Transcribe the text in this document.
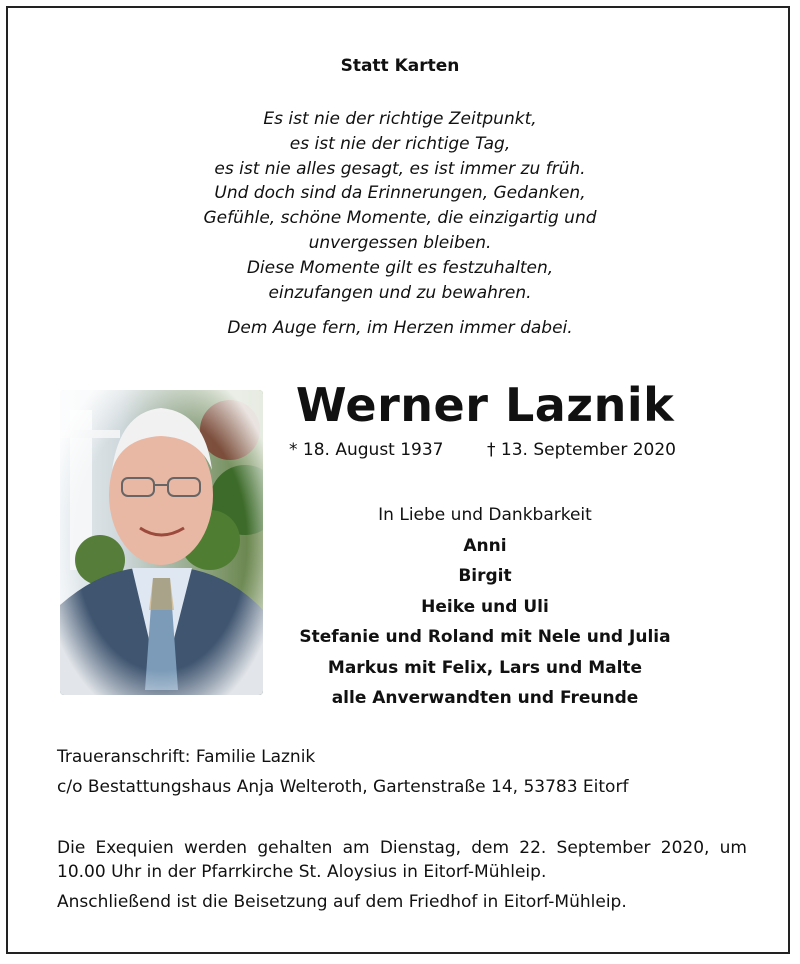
Statt Karten
Es ist nie der richtige Zeitpunkt,
es ist nie der richtige Tag,
es ist nie alles gesagt, es ist immer zu früh.
Und doch sind da Erinnerungen, Gedanken,
Gefühle, schöne Momente, die einzigartig und
unvergessen bleiben.
Diese Momente gilt es festzuhalten,
einzufangen und zu bewahren.
Dem Auge fern, im Herzen immer dabei.
Werner Laznik
* 18. August 1937	† 13. September 2020
In Liebe und Dankbarkeit
Anni
Birgit
Heike und Uli
Stefanie und Roland mit Nele und Julia
Markus mit Felix, Lars und Malte
alle Anverwandten und Freunde
Traueranschrift: Familie Laznik
c/o Bestattungshaus Anja Welteroth, Gartenstraße 14, 53783 Eitorf
Die Exequien werden gehalten am Dienstag, dem 22. September 2020, um 10.00 Uhr in der Pfarrkirche St. Aloysius in Eitorf-Mühleip.
Anschließend ist die Beisetzung auf dem Friedhof in Eitorf-Mühleip.
